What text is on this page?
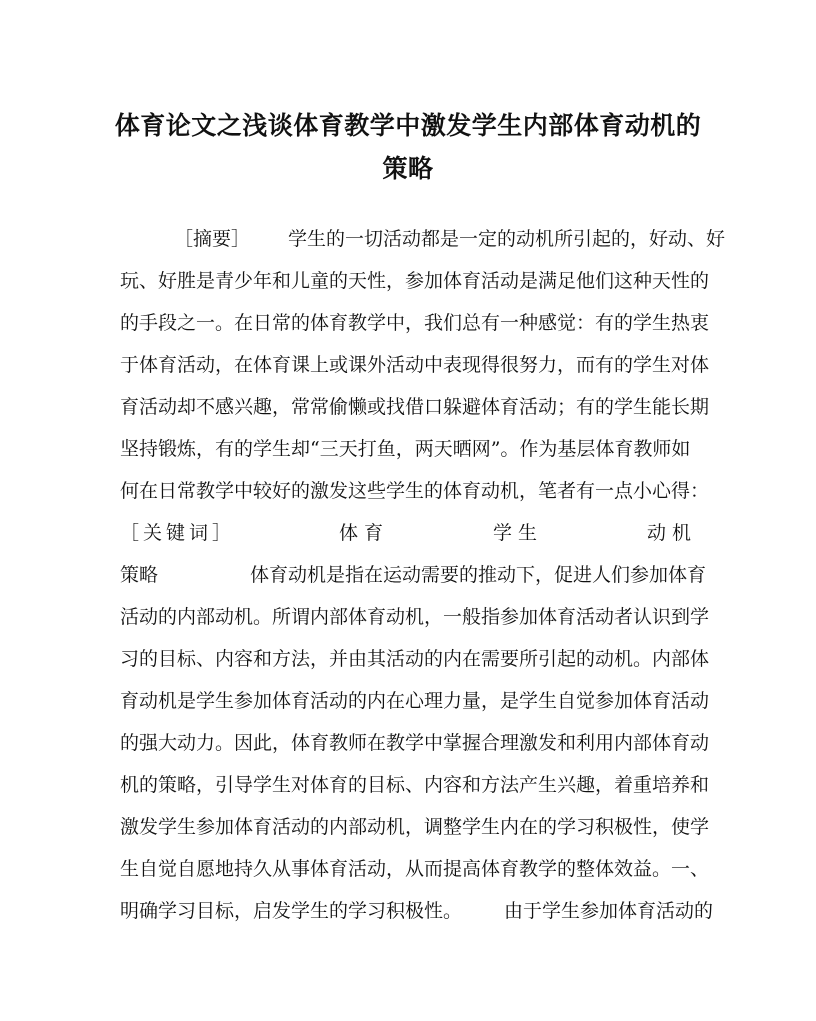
体育论文之浅谈体育教学中激发学生内部体育动机的
策略

［摘要］ 学生的一切活动都是一定的动机所引起的，好动、好

玩、好胜是青少年和儿童的天性，参加体育活动是满足他们这种天性的

的手段之一。在日常的体育教学中，我们总有一种感觉：有的学生热衷

于体育活动，在体育课上或课外活动中表现得很努力，而有的学生对体

育活动却不感兴趣，常常偷懒或找借口躲避体育活动；有的学生能长期

坚持锻炼，有的学生却“三天打鱼，两天晒网”。作为基层体育教师如

何在日常教学中较好的激发这些学生的体育动机，笔者有一点小心得：

［关键词］	体育	学生	动机

策略	体育动机是指在运动需要的推动下，促进人们参加体育

活动的内部动机。所谓内部体育动机，一般指参加体育活动者认识到学

习的目标、内容和方法，并由其活动的内在需要所引起的动机。内部体

育动机是学生参加体育活动的内在心理力量，是学生自觉参加体育活动

的强大动力。因此，体育教师在教学中掌握合理激发和利用内部体育动

机的策略，引导学生对体育的目标、内容和方法产生兴趣，着重培养和

激发学生参加体育活动的内部动机，调整学生内在的学习积极性，使学

生自觉自愿地持久从事体育活动，从而提高体育教学的整体效益。一、

明确学习目标，启发学生的学习积极性。 由于学生参加体育活动的
